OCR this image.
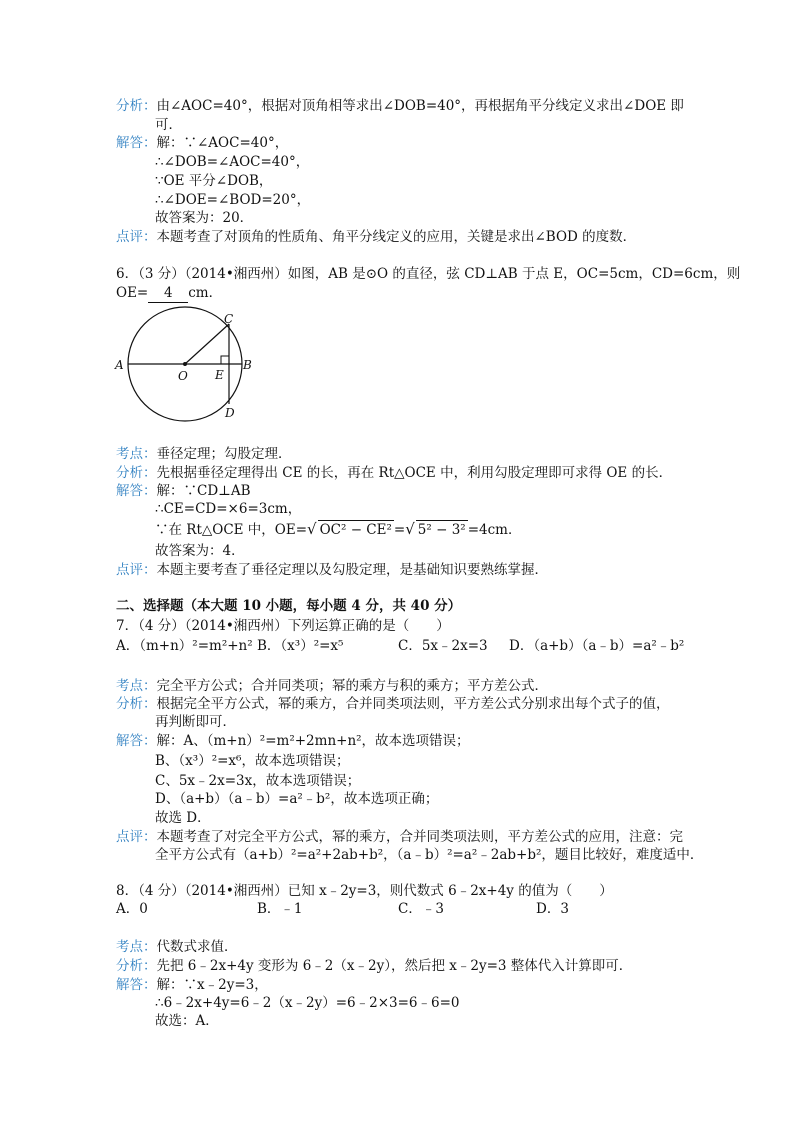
分析：由∠AOC=40°，根据对顶角相等求出∠DOB=40°，再根据角平分线定义求出∠DOE 即
可．
解答：解：∵∠AOC=40°，
∴∠DOB=∠AOC=40°，
∵OE 平分∠DOB，
∴∠DOE=∠BOD=20°，
故答案为：20．
点评：本题考查了对顶角的性质角、角平分线定义的应用，关键是求出∠BOD 的度数．
6．（3 分）（2014•湘西州）如图，AB 是⊙O 的直径，弦 CD⊥AB 于点 E，OC=5cm，CD=6cm，则
OE= 4 cm．
A	B
C
D
O E
考点：垂径定理；勾股定理．
分析：先根据垂径定理得出 CE 的长，再在 Rt△OCE 中，利用勾股定理即可求得 OE 的长．
解答：解：∵CD⊥AB
∴CE=CD=×6=3cm，
∵在 Rt△OCE 中，OE=√ OC² − CE² =√ 5² − 3² =4cm．
故答案为：4．
点评：本题主要考查了垂径定理以及勾股定理，是基础知识要熟练掌握．
二、选择题（本大题 10 小题，每小题 4 分，共 40 分）
7．（4 分）（2014•湘西州）下列运算正确的是（　　）
A．（m+n）²=m²+n² B．（x³）²=x⁵	C．5x﹣2x=3 D．（a+b）（a﹣b）=a²﹣b²
考点：完全平方公式；合并同类项；幂的乘方与积的乘方；平方差公式．
分析：根据完全平方公式，幂的乘方，合并同类项法则，平方差公式分别求出每个式子的值，
再判断即可．
解答：解：A、（m+n）²=m²+2mn+n²，故本选项错误；
B、（x³）²=x⁶，故本选项错误；
C、5x﹣2x=3x，故本选项错误；
D、（a+b）（a﹣b）=a²﹣b²，故本选项正确；
故选 D．
点评：本题考查了对完全平方公式，幂的乘方，合并同类项法则，平方差公式的应用，注意：完
全平方公式有（a+b）²=a²+2ab+b²，（a﹣b）²=a²﹣2ab+b²，题目比较好，难度适中．
8．（4 分）（2014•湘西州）已知 x﹣2y=3，则代数式 6﹣2x+4y 的值为（　　）
A．0	B．﹣1	C．﹣3	D．3
考点：代数式求值．
分析：先把 6﹣2x+4y 变形为 6﹣2（x﹣2y），然后把 x﹣2y=3 整体代入计算即可．
解答：解：∵x﹣2y=3，
∴6﹣2x+4y=6﹣2（x﹣2y）=6﹣2×3=6﹣6=0
故选：A．
